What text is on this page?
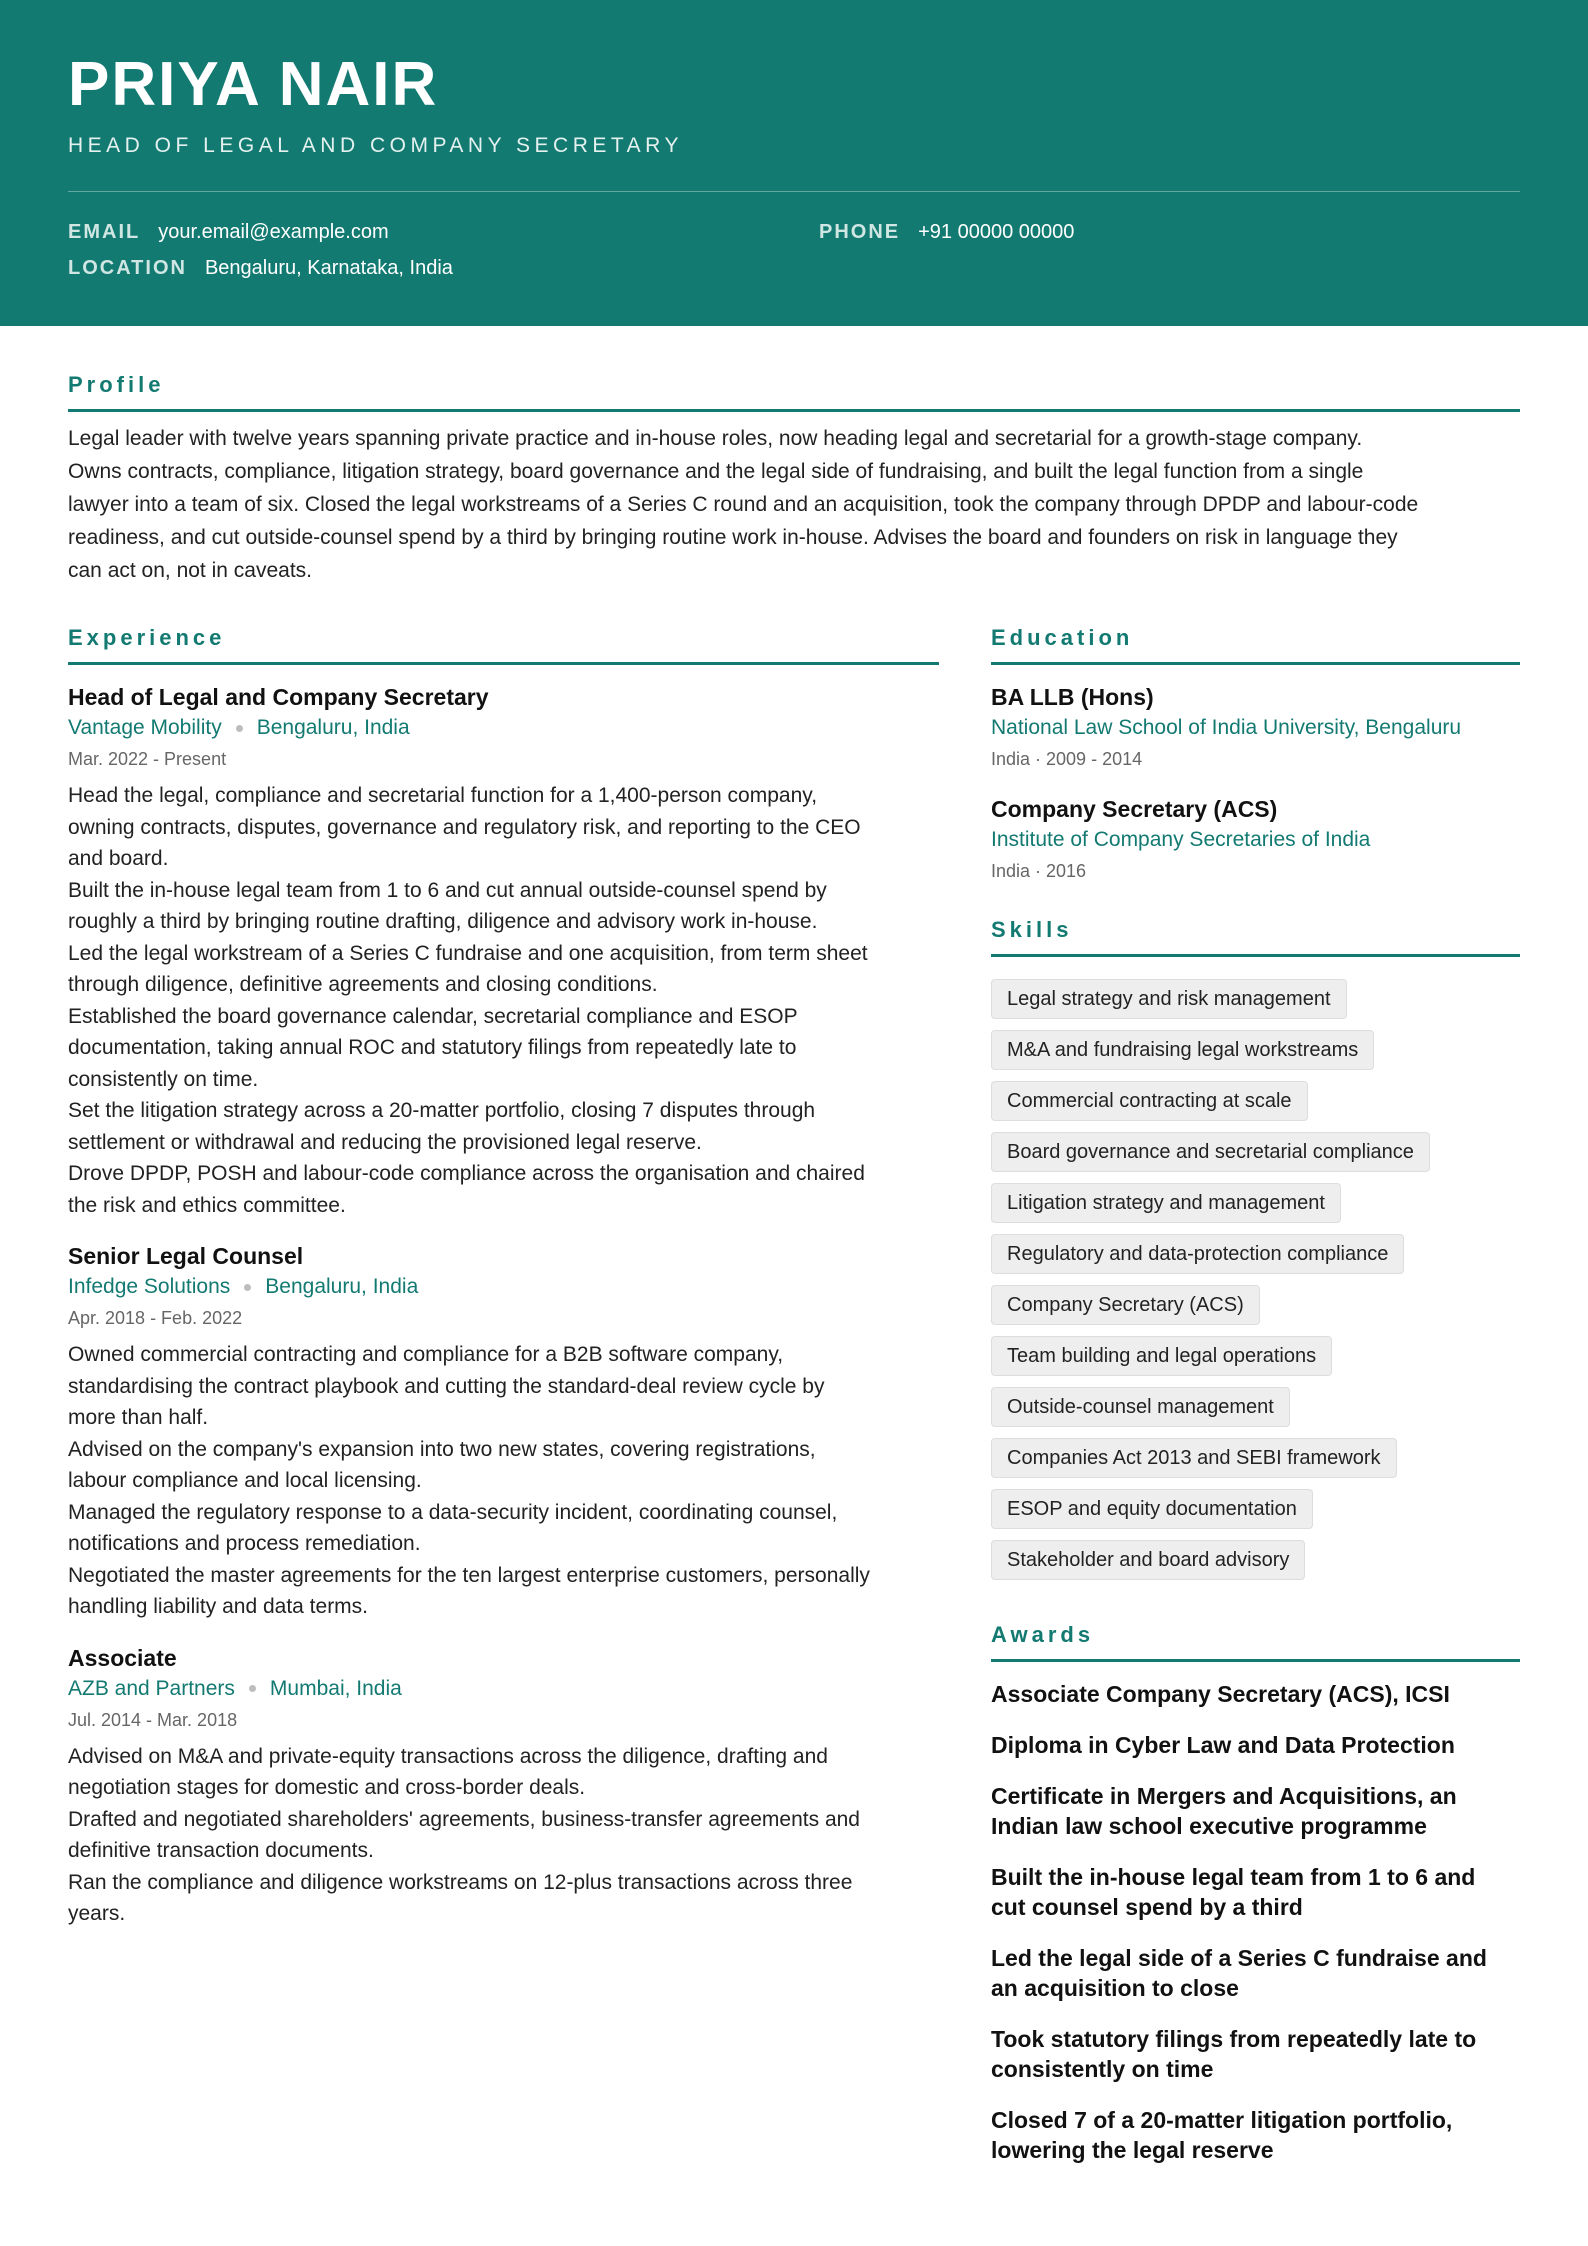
PRIYA NAIR
HEAD OF LEGAL AND COMPANY SECRETARY
EMAIL your.email@example.com	PHONE +91 00000 00000
LOCATION Bengaluru, Karnataka, India
Profile
Legal leader with twelve years spanning private practice and in-house roles, now heading legal and secretarial for a growth-stage company.
Owns contracts, compliance, litigation strategy, board governance and the legal side of fundraising, and built the legal function from a single
lawyer into a team of six. Closed the legal workstreams of a Series C round and an acquisition, took the company through DPDP and labour-code
readiness, and cut outside-counsel spend by a third by bringing routine work in-house. Advises the board and founders on risk in language they
can act on, not in caveats.
Experience
Head of Legal and Company Secretary
Vantage Mobility Bengaluru, India
Mar. 2022 - Present
Head the legal, compliance and secretarial function for a 1,400-person company,
owning contracts, disputes, governance and regulatory risk, and reporting to the CEO
and board.
Built the in-house legal team from 1 to 6 and cut annual outside-counsel spend by
roughly a third by bringing routine drafting, diligence and advisory work in-house.
Led the legal workstream of a Series C fundraise and one acquisition, from term sheet
through diligence, definitive agreements and closing conditions.
Established the board governance calendar, secretarial compliance and ESOP
documentation, taking annual ROC and statutory filings from repeatedly late to
consistently on time.
Set the litigation strategy across a 20-matter portfolio, closing 7 disputes through
settlement or withdrawal and reducing the provisioned legal reserve.
Drove DPDP, POSH and labour-code compliance across the organisation and chaired
the risk and ethics committee.
Senior Legal Counsel
Infedge Solutions Bengaluru, India
Apr. 2018 - Feb. 2022
Owned commercial contracting and compliance for a B2B software company,
standardising the contract playbook and cutting the standard-deal review cycle by
more than half.
Advised on the company's expansion into two new states, covering registrations,
labour compliance and local licensing.
Managed the regulatory response to a data-security incident, coordinating counsel,
notifications and process remediation.
Negotiated the master agreements for the ten largest enterprise customers, personally
handling liability and data terms.
Associate
AZB and Partners Mumbai, India
Jul. 2014 - Mar. 2018
Advised on M&A and private-equity transactions across the diligence, drafting and
negotiation stages for domestic and cross-border deals.
Drafted and negotiated shareholders' agreements, business-transfer agreements and
definitive transaction documents.
Ran the compliance and diligence workstreams on 12-plus transactions across three
years.
Education
BA LLB (Hons)
National Law School of India University, Bengaluru
India · 2009 - 2014
Company Secretary (ACS)
Institute of Company Secretaries of India
India · 2016
Skills
Legal strategy and risk management
M&A and fundraising legal workstreams
Commercial contracting at scale
Board governance and secretarial compliance
Litigation strategy and management
Regulatory and data-protection compliance
Company Secretary (ACS)
Team building and legal operations
Outside-counsel management
Companies Act 2013 and SEBI framework
ESOP and equity documentation
Stakeholder and board advisory
Awards
Associate Company Secretary (ACS), ICSI
Diploma in Cyber Law and Data Protection
Certificate in Mergers and Acquisitions, an
Indian law school executive programme
Built the in-house legal team from 1 to 6 and
cut counsel spend by a third
Led the legal side of a Series C fundraise and
an acquisition to close
Took statutory filings from repeatedly late to
consistently on time
Closed 7 of a 20-matter litigation portfolio,
lowering the legal reserve
